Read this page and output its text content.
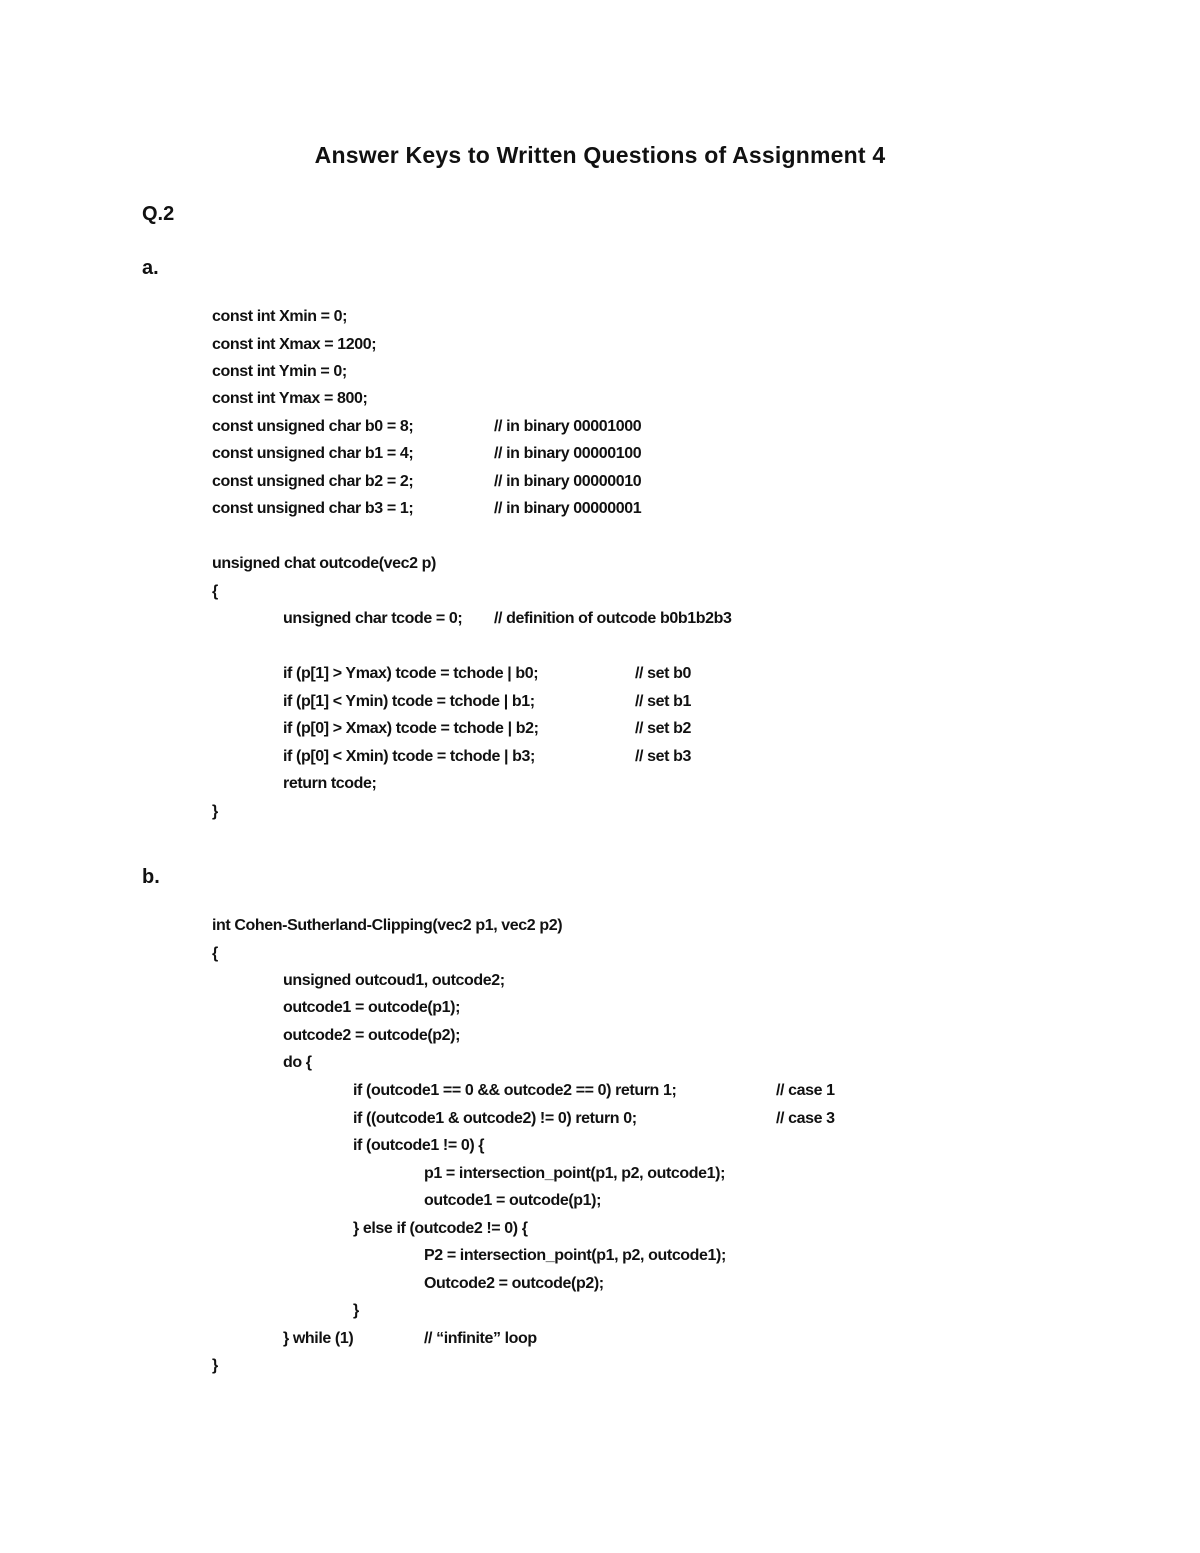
Answer Keys to Written Questions of Assignment 4
Q.2
a.
const int Xmin = 0;
const int Xmax = 1200;
const int Ymin = 0;
const int Ymax = 800;
const unsigned char b0 = 8;	// in binary 00001000
const unsigned char b1 = 4;	// in binary 00000100
const unsigned char b2 = 2;	// in binary 00000010
const unsigned char b3 = 1;	// in binary 00000001
unsigned chat outcode(vec2 p)
{
unsigned char tcode = 0; // definition of outcode b0b1b2b3
if (p[1] > Ymax) tcode = tchode | b0;	// set b0
if (p[1] < Ymin) tcode = tchode | b1;	// set b1
if (p[0] > Xmax) tcode = tchode | b2;	// set b2
if (p[0] < Xmin) tcode = tchode | b3;	// set b3
return tcode;
}
b.
int Cohen-Sutherland-Clipping(vec2 p1, vec2 p2)
{
unsigned outcoud1, outcode2;
outcode1 = outcode(p1);
outcode2 = outcode(p2);
do {
if (outcode1 == 0 && outcode2 == 0) return 1;	// case 1
if ((outcode1 & outcode2) != 0) return 0;	// case 3
if (outcode1 != 0) {
p1 = intersection_point(p1, p2, outcode1);
outcode1 = outcode(p1);
} else if (outcode2 != 0) {
P2 = intersection_point(p1, p2, outcode1);
Outcode2 = outcode(p2);
}
} while (1)	// “infinite” loop
}
